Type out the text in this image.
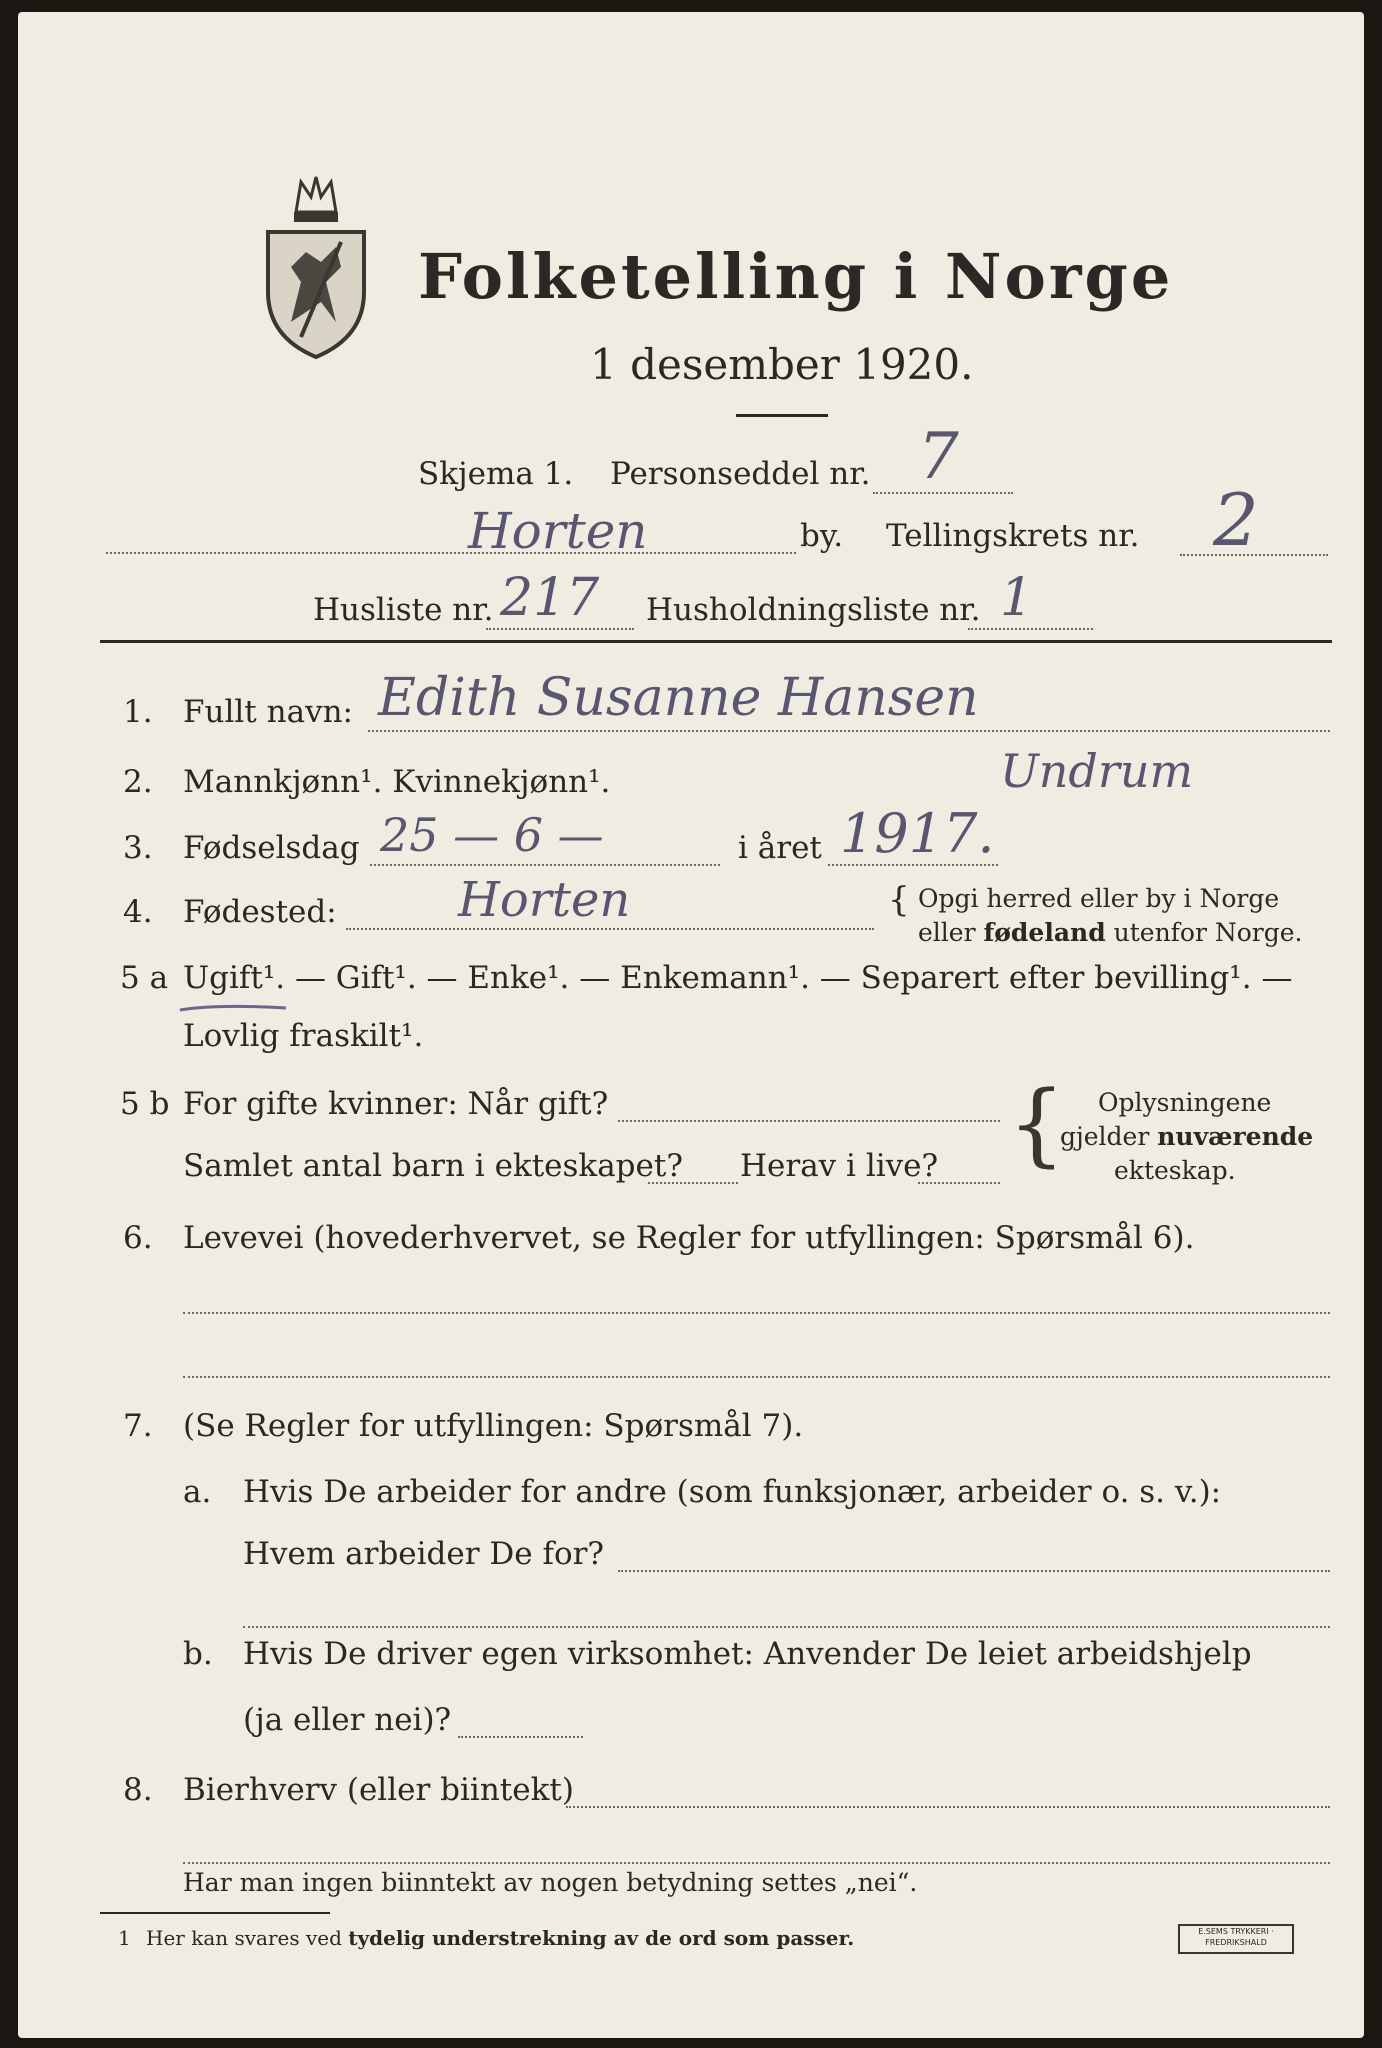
Folketelling i Norge
1 desember 1920.
Skjema 1. Personseddel nr. 7
Horten	by. Tellingskrets nr. 2
Husliste nr. 217 Husholdningsliste nr. 1
1. Fullt navn: Edith Susanne Hansen
Undrum
2. Mannkjønn¹. Kvinnekjønn¹.
3. Fødselsdag 25 — 6 —	i året 1917.
4. Fødested:	Horten	{ Opgi herred eller by i Norge
eller fødeland utenfor Norge.
5 a Ugift¹. — Gift¹. — Enke¹. — Enkemann¹. — Separert efter bevilling¹. —
Lovlig fraskilt¹.
5 b For gifte kvinner: Når gift?
Samlet antal barn i ekteskapet? Herav i live? { Oplysningene
gjelder nuværende
ekteskap.
6. Levevei (hovederhvervet, se Regler for utfyllingen: Spørsmål 6).
7. (Se Regler for utfyllingen: Spørsmål 7).
a. Hvis De arbeider for andre (som funksjonær, arbeider o. s. v.):
Hvem arbeider De for?
b. Hvis De driver egen virksomhet: Anvender De leiet arbeidshjelp
(ja eller nei)?
8. Bierhverv (eller biintekt)
Har man ingen biinntekt av nogen betydning settes „nei“.
1 Her kan svares ved tydelig understrekning av de ord som passer.	E.SEMS TRYKKERI · FREDRIKSHALD
